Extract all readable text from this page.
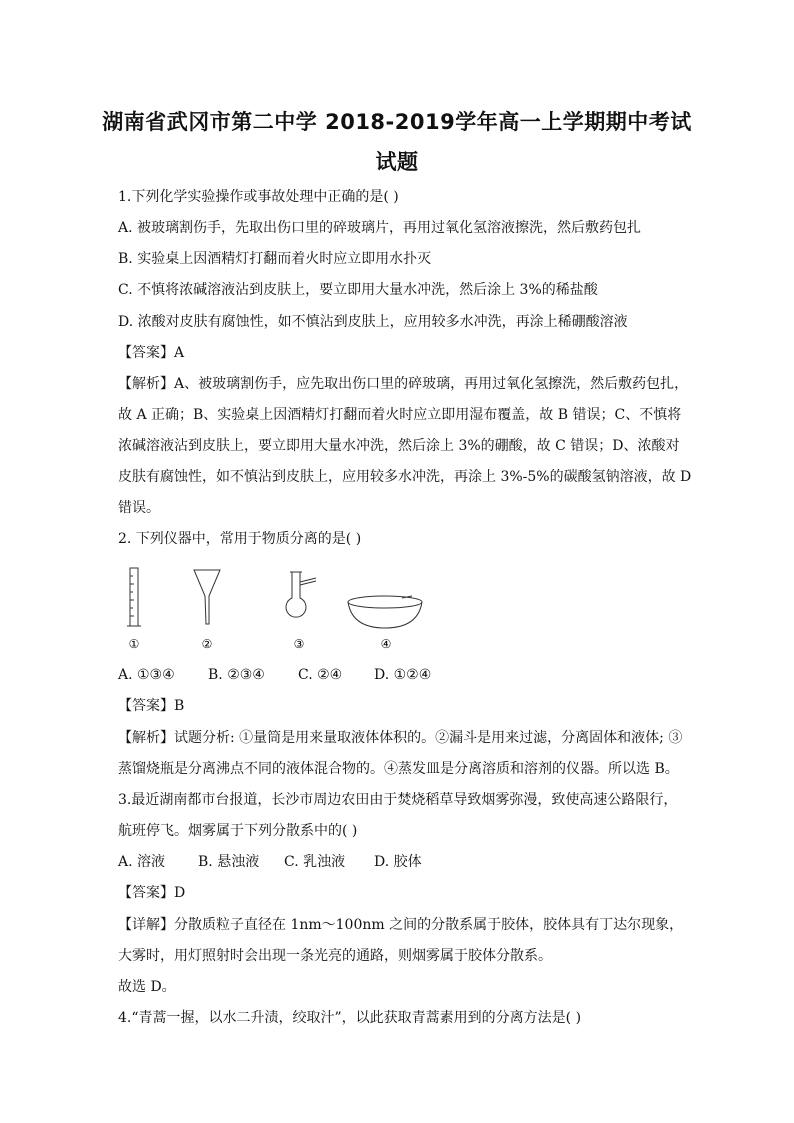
湖南省武冈市第二中学 2018-2019学年高一上学期期中考试
试题
1.下列化学实验操作或事故处理中正确的是( )
A. 被玻璃割伤手，先取出伤口里的碎玻璃片，再用过氧化氢溶液擦洗，然后敷药包扎
B. 实验桌上因酒精灯打翻而着火时应立即用水扑灭
C. 不慎将浓碱溶液沾到皮肤上，要立即用大量水冲洗，然后涂上 3%的稀盐酸
D. 浓酸对皮肤有腐蚀性，如不慎沾到皮肤上，应用较多水冲洗，再涂上稀硼酸溶液
【答案】A
【解析】A、被玻璃割伤手，应先取出伤口里的碎玻璃，再用过氧化氢擦洗，然后敷药包扎，
故 A 正确；B、实验桌上因酒精灯打翻而着火时应立即用湿布覆盖，故 B 错误；C、不慎将
浓碱溶液沾到皮肤上，要立即用大量水冲洗，然后涂上 3%的硼酸，故 C 错误；D、浓酸对
皮肤有腐蚀性，如不慎沾到皮肤上，应用较多水冲洗，再涂上 3%-5%的碳酸氢钠溶液，故 D
错误。
2. 下列仪器中，常用于物质分离的是( )
①	②	③	④
A. ①③④ B. ②③④ C. ②④ D. ①②④
【答案】B
【解析】试题分析: ①量筒是用来量取液体体积的。②漏斗是用来过滤，分离固体和液体; ③
蒸馏烧瓶是分离沸点不同的液体混合物的。④蒸发皿是分离溶质和溶剂的仪器。所以选 B。
3.最近湖南都市台报道，长沙市周边农田由于焚烧稻草导致烟雾弥漫，致使高速公路限行，
航班停飞。烟雾属于下列分散系中的( )
A. 溶液 B. 悬浊液 C. 乳浊液 D. 胶体
【答案】D
【详解】分散质粒子直径在 1nm～100nm 之间的分散系属于胶体，胶体具有丁达尔现象，
大雾时，用灯照射时会出现一条光亮的通路，则烟雾属于胶体分散系。
故选 D。
4.“青蒿一握，以水二升渍，绞取汁”，以此获取青蒿素用到的分离方法是( )
